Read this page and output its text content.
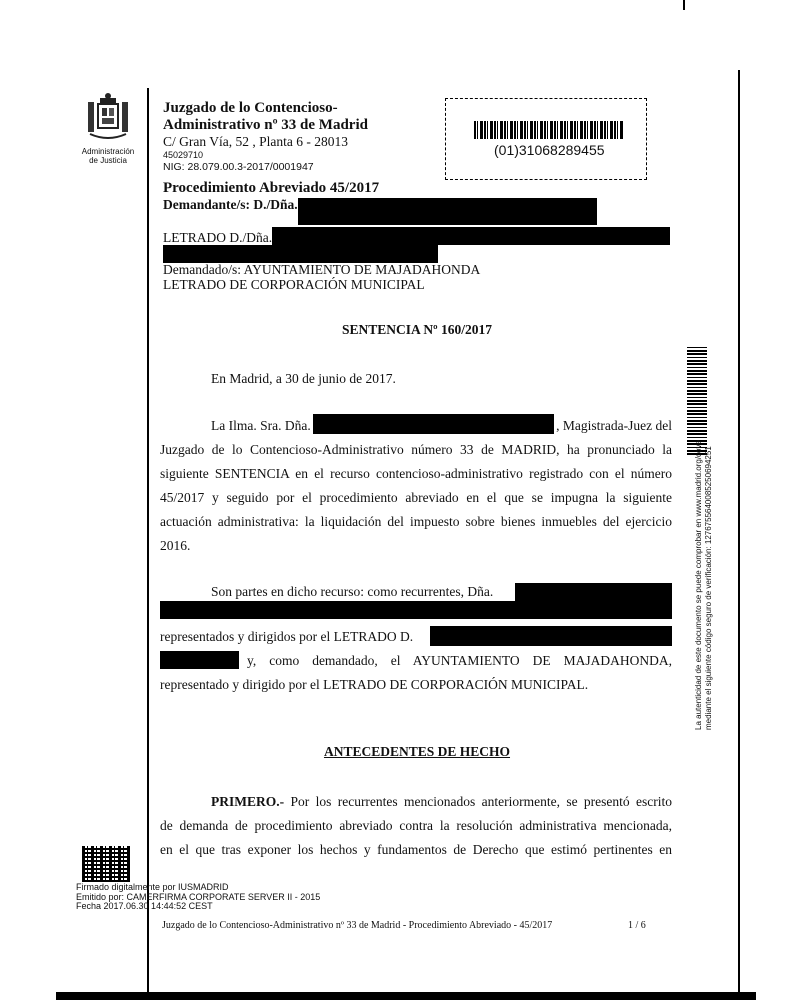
Administración
de Justicia
Juzgado de lo Contencioso-
Administrativo nº 33 de Madrid
C/ Gran Vía, 52 , Planta 6 - 28013
45029710
NIG: 28.079.00.3-2017/0001947
Procedimiento Abreviado 45/2017
Demandante/s: D./Dña.
LETRADO D./Dña.
Demandado/s: AYUNTAMIENTO DE MAJADAHONDA
LETRADO DE CORPORACIÓN MUNICIPAL
(01)31068289455
La autenticidad de este documento se puede comprobar en www.madrid.org/cove mediante el siguiente código seguro de verificación: 1276755640085250694251
SENTENCIA Nº 160/2017
En Madrid, a 30 de junio de 2017.
La Ilma. Sra. Dña.	, Magistrada-Juez del
Juzgado de lo Contencioso-Administrativo número 33 de MADRID, ha pronunciado la
siguiente SENTENCIA en el recurso contencioso-administrativo registrado con el número
45/2017 y seguido por el procedimiento abreviado en el que se impugna la siguiente
actuación administrativa: la liquidación del impuesto sobre bienes inmuebles del ejercicio
2016.
Son partes en dicho recurso: como recurrentes, Dña.
representados y dirigidos por el LETRADO D.
y, como demandado, el AYUNTAMIENTO DE MAJADAHONDA,
representado y dirigido por el LETRADO DE CORPORACIÓN MUNICIPAL.
ANTECEDENTES DE HECHO
PRIMERO.- Por los recurrentes mencionados anteriormente, se presentó escrito
de demanda de procedimiento abreviado contra la resolución administrativa mencionada,
en el que tras exponer los hechos y fundamentos de Derecho que estimó pertinentes en
Firmado digitalmente por IUSMADRID
Emitido por: CAMERFIRMA CORPORATE SERVER II - 2015
Fecha 2017.06.30 14:44:52 CEST
Juzgado de lo Contencioso-Administrativo nº 33 de Madrid - Procedimiento Abreviado - 45/2017	1 / 6
